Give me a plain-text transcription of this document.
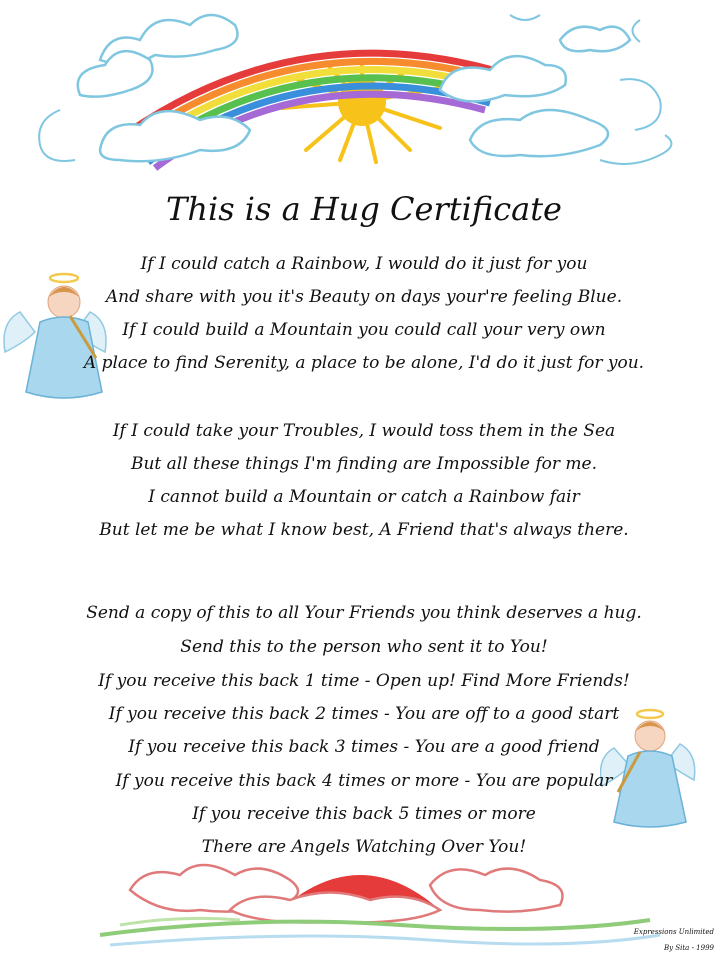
This is a Hug Certificate
If I could catch a Rainbow, I would do it just for you
And share with you it's Beauty on days your're feeling Blue.
If I could build a Mountain you could call your very own
A place to find Serenity, a place to be alone, I'd do it just for you.
If I could take your Troubles, I would toss them in the Sea
But all these things I'm finding are Impossible for me.
I cannot build a Mountain or catch a Rainbow fair
But let me be what I know best, A Friend that's always there.
Send a copy of this to all Your Friends you think deserves a hug.
Send this to the person who sent it to You!
If you receive this back 1 time - Open up! Find More Friends!
If you receive this back 2 times - You are off to a good start
If you receive this back 3 times - You are a good friend
If you receive this back 4 times or more - You are popular
If you receive this back 5 times or more
There are Angels Watching Over You!
Expressions Unlimited
By Sita - 1999
